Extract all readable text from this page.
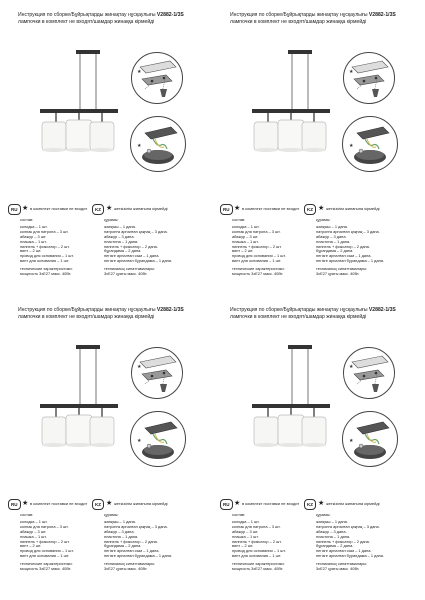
Инструкция по сборке/Бұйрықтарды жинақтау нұсқаулығы V2882-1/3S
лампочки в комплект не входят/шамдар жинаққа кірмейді
★
★
RU ★ в комплект поставки не входит	KZ ★ жеткізілім жинағына кірмейді
состав:
колодка – 1 шт.
колпак для патрона – 3 шт.
абажур – 3 шт.
плашка – 1 шт.
ниппель + фиксатор – 2 шт.
винт – 2 шт.
провод для основания – 1 шт.
винт для основания – 1 шт.
технические характеристики:
мощность 3xE27 макс. 40Вт.
құрамы:
жапқыш – 1 дана.
патронға арналған қақпақ – 3 дана.
абажур – 3 дана.
пластина – 1 дана.
ниппель + фиксатор – 2 дана.
бұрандама – 2 дана.
негізге арналған сым – 1 дана.
негізге арналған бұрандама – 1 дана.
техникалық сипаттамалары:
3xE27 қуаты макс. 40Вт.
Инструкция по сборке/Бұйрықтарды жинақтау нұсқаулығы V2882-1/3S
лампочки в комплект не входят/шамдар жинаққа кірмейді
★
★
RU ★ в комплект поставки не входит	KZ ★ жеткізілім жинағына кірмейді
состав:
колодка – 1 шт.
колпак для патрона – 3 шт.
абажур – 3 шт.
плашка – 1 шт.
ниппель + фиксатор – 2 шт.
винт – 2 шт.
провод для основания – 1 шт.
винт для основания – 1 шт.
технические характеристики:
мощность 3xE27 макс. 40Вт.
құрамы:
жапқыш – 1 дана.
патронға арналған қақпақ – 3 дана.
абажур – 3 дана.
пластина – 1 дана.
ниппель + фиксатор – 2 дана.
бұрандама – 2 дана.
негізге арналған сым – 1 дана.
негізге арналған бұрандама – 1 дана.
техникалық сипаттамалары:
3xE27 қуаты макс. 40Вт.
Инструкция по сборке/Бұйрықтарды жинақтау нұсқаулығы V2882-1/3S
лампочки в комплект не входят/шамдар жинаққа кірмейді
★
★
RU ★ в комплект поставки не входит	KZ ★ жеткізілім жинағына кірмейді
состав:
колодка – 1 шт.
колпак для патрона – 3 шт.
абажур – 3 шт.
плашка – 1 шт.
ниппель + фиксатор – 2 шт.
винт – 2 шт.
провод для основания – 1 шт.
винт для основания – 1 шт.
технические характеристики:
мощность 3xE27 макс. 40Вт.
құрамы:
жапқыш – 1 дана.
патронға арналған қақпақ – 3 дана.
абажур – 3 дана.
пластина – 1 дана.
ниппель + фиксатор – 2 дана.
бұрандама – 2 дана.
негізге арналған сым – 1 дана.
негізге арналған бұрандама – 1 дана.
техникалық сипаттамалары:
3xE27 қуаты макс. 40Вт.
Инструкция по сборке/Бұйрықтарды жинақтау нұсқаулығы V2882-1/3S
лампочки в комплект не входят/шамдар жинаққа кірмейді
★
★
RU ★ в комплект поставки не входит	KZ ★ жеткізілім жинағына кірмейді
состав:
колодка – 1 шт.
колпак для патрона – 3 шт.
абажур – 3 шт.
плашка – 1 шт.
ниппель + фиксатор – 2 шт.
винт – 2 шт.
провод для основания – 1 шт.
винт для основания – 1 шт.
технические характеристики:
мощность 3xE27 макс. 40Вт.
құрамы:
жапқыш – 1 дана.
патронға арналған қақпақ – 3 дана.
абажур – 3 дана.
пластина – 1 дана.
ниппель + фиксатор – 2 дана.
бұрандама – 2 дана.
негізге арналған сым – 1 дана.
негізге арналған бұрандама – 1 дана.
техникалық сипаттамалары:
3xE27 қуаты макс. 40Вт.
